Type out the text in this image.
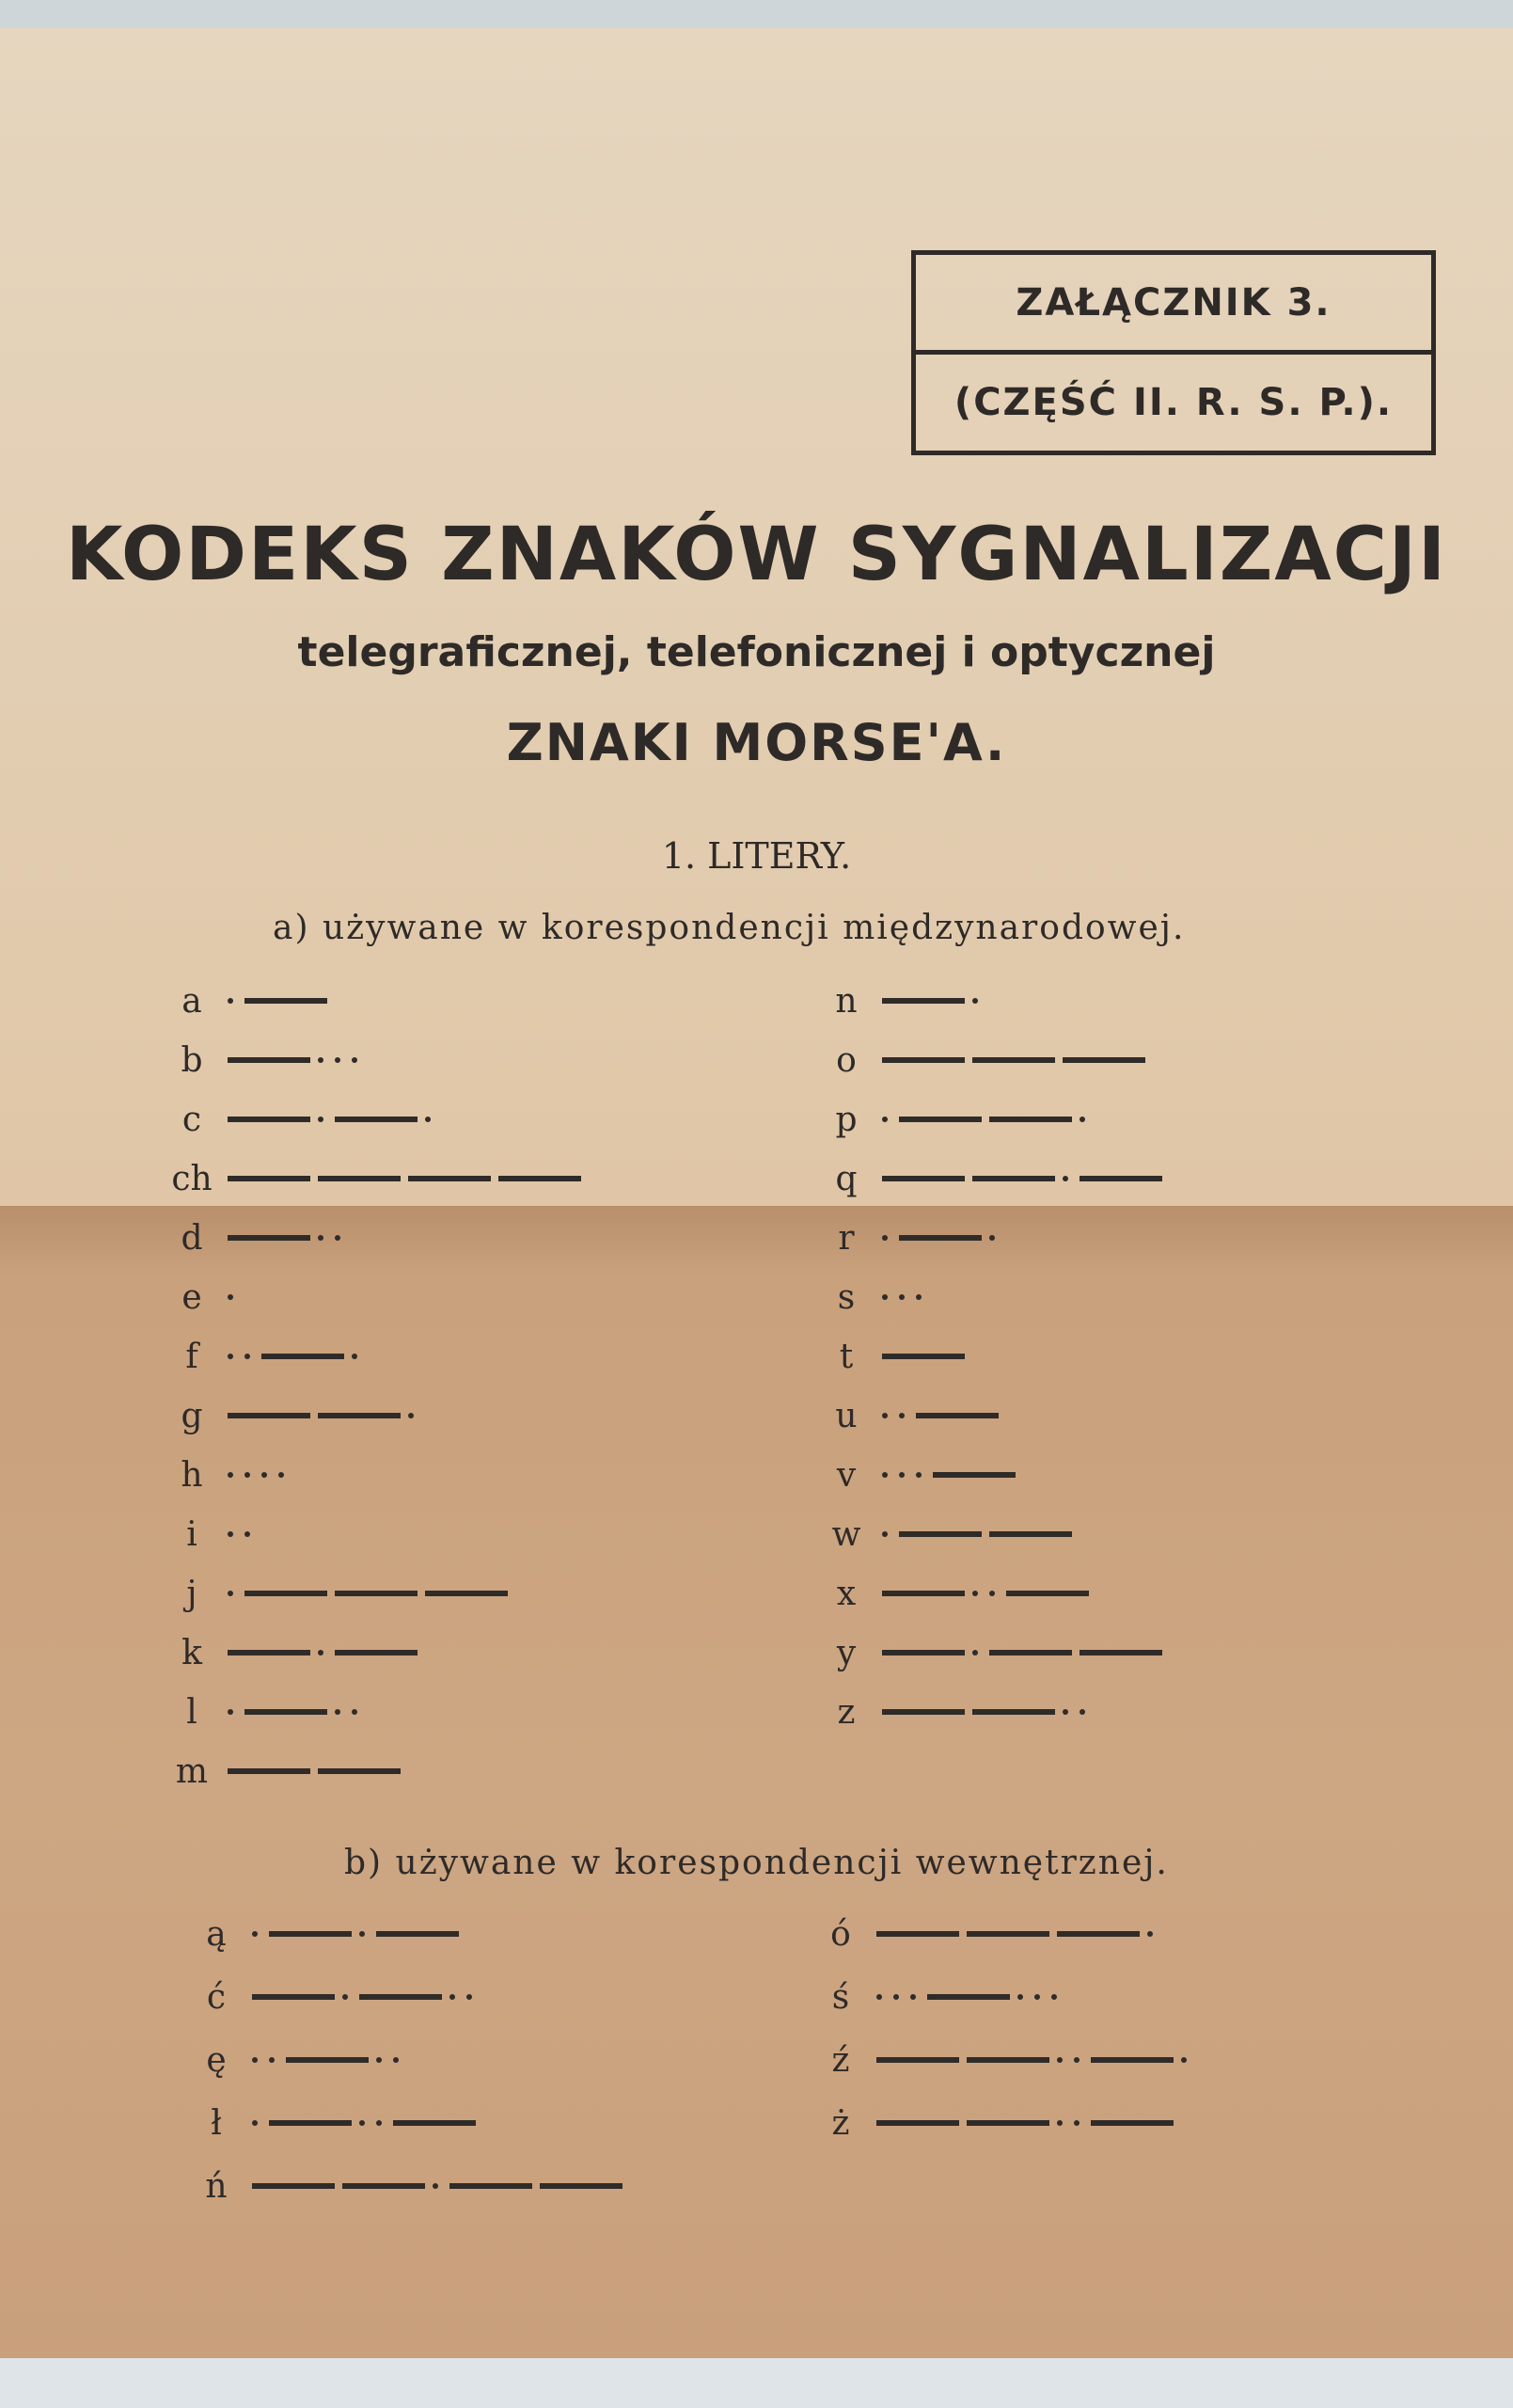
ZAŁĄCZNIK 3.
(CZĘŚĆ II. R. S. P.).
KODEKS ZNAKÓW SYGNALIZACJI
telegraficznej, telefonicznej i optycznej
ZNAKI MORSE'A.
1. LITERY.
a) używane w korespondencji międzynarodowej.
b) używane w korespondencji wewnętrznej.
a
b
c
ch
d
e
f
g
h
i
j
k
l
m
n
o
p
q
r
s
t
u
v
w
x
y
z
ą
ć
ę
ł
ń
ó
ś
ź
ż
